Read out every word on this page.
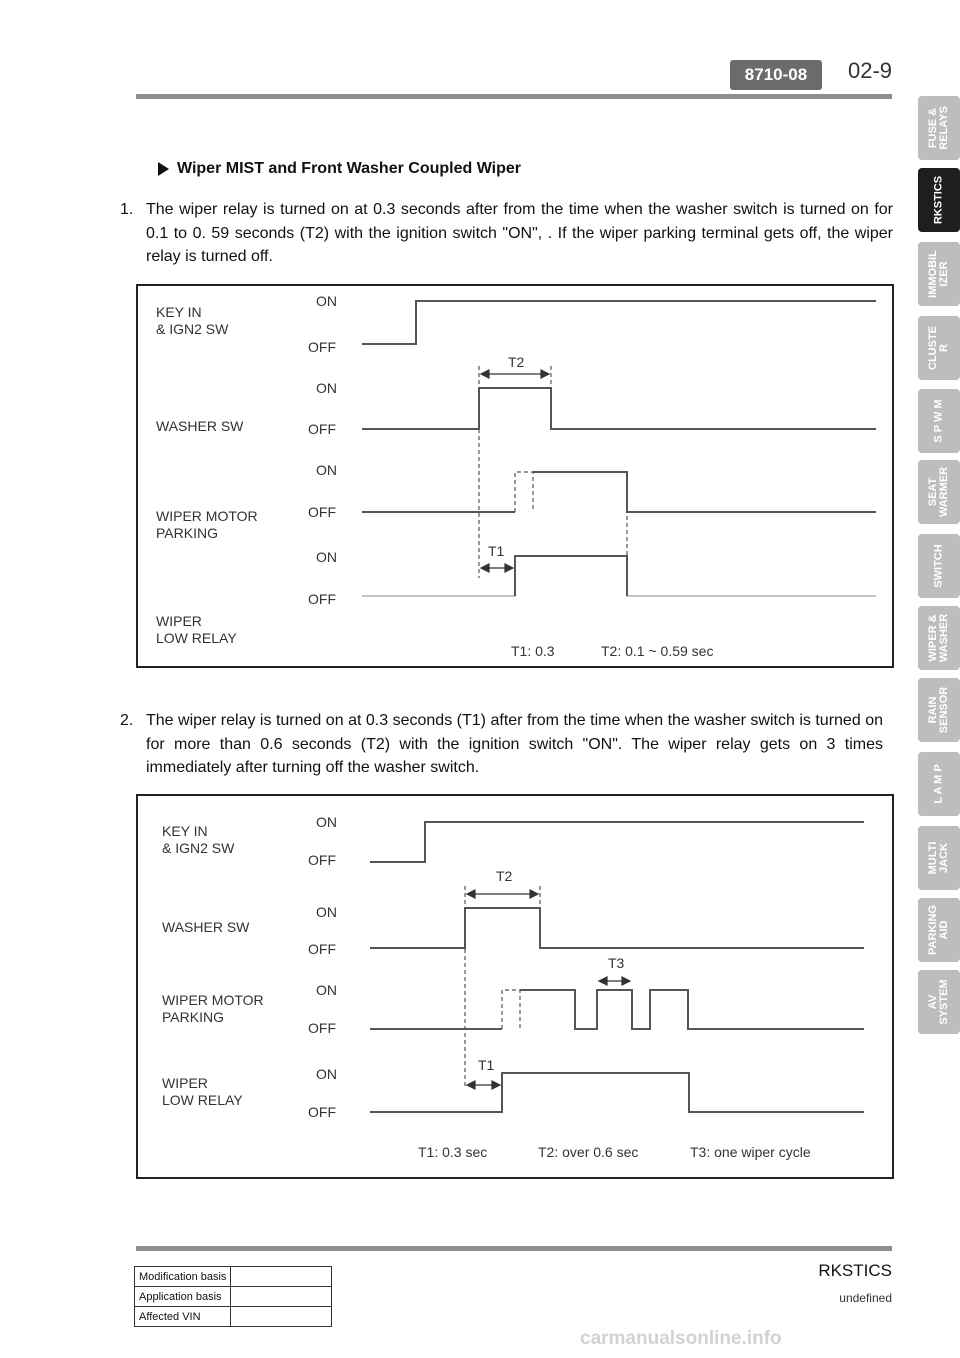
8710-08	02-9
Wiper MIST and Front Washer Coupled Wiper
1. The wiper relay is turned on at 0.3 seconds after from the time when the washer switch is turned on for 0.1 to 0. 59 seconds (T2) with the ignition switch "ON", . If the wiper parking terminal gets off, the wiper relay is turned off.
KEY IN
& IGN2 SW
WASHER SW
WIPER MOTOR
PARKING
WIPER
LOW RELAY
ON
OFF
ON
OFF
ON
OFF
ON
OFF
T2
T1
T1: 0.3	T2: 0.1 ~ 0.59 sec
2. The wiper relay is turned on at 0.3 seconds (T1) after from the time when the washer switch is turned on for more than 0.6 seconds (T2) with the ignition switch "ON". The wiper relay gets on 3 times immediately after turning off the washer switch.
KEY IN
& IGN2 SW
WASHER SW
WIPER MOTOR
PARKING
WIPER
LOW RELAY
ON
OFF
ON
OFF
ON
OFF
ON
OFF
T2
T3
T1
T1: 0.3 sec	T2: over 0.6 sec	T3: one wiper cycle
FUSE &
RELAYS
RKSTICS
IMMOBIL
IZER
CLUSTE
R
S P W M
SEAT
WARMER
SWITCH
WIPER &
WASHER
RAIN
SENSOR
L A M P
MULTI
JACK
PARKING
AID
AV
SYSTEM
RKSTICS
undefined
Modification basis	
Application basis	
Affected VIN	
carmanualsonline.info
